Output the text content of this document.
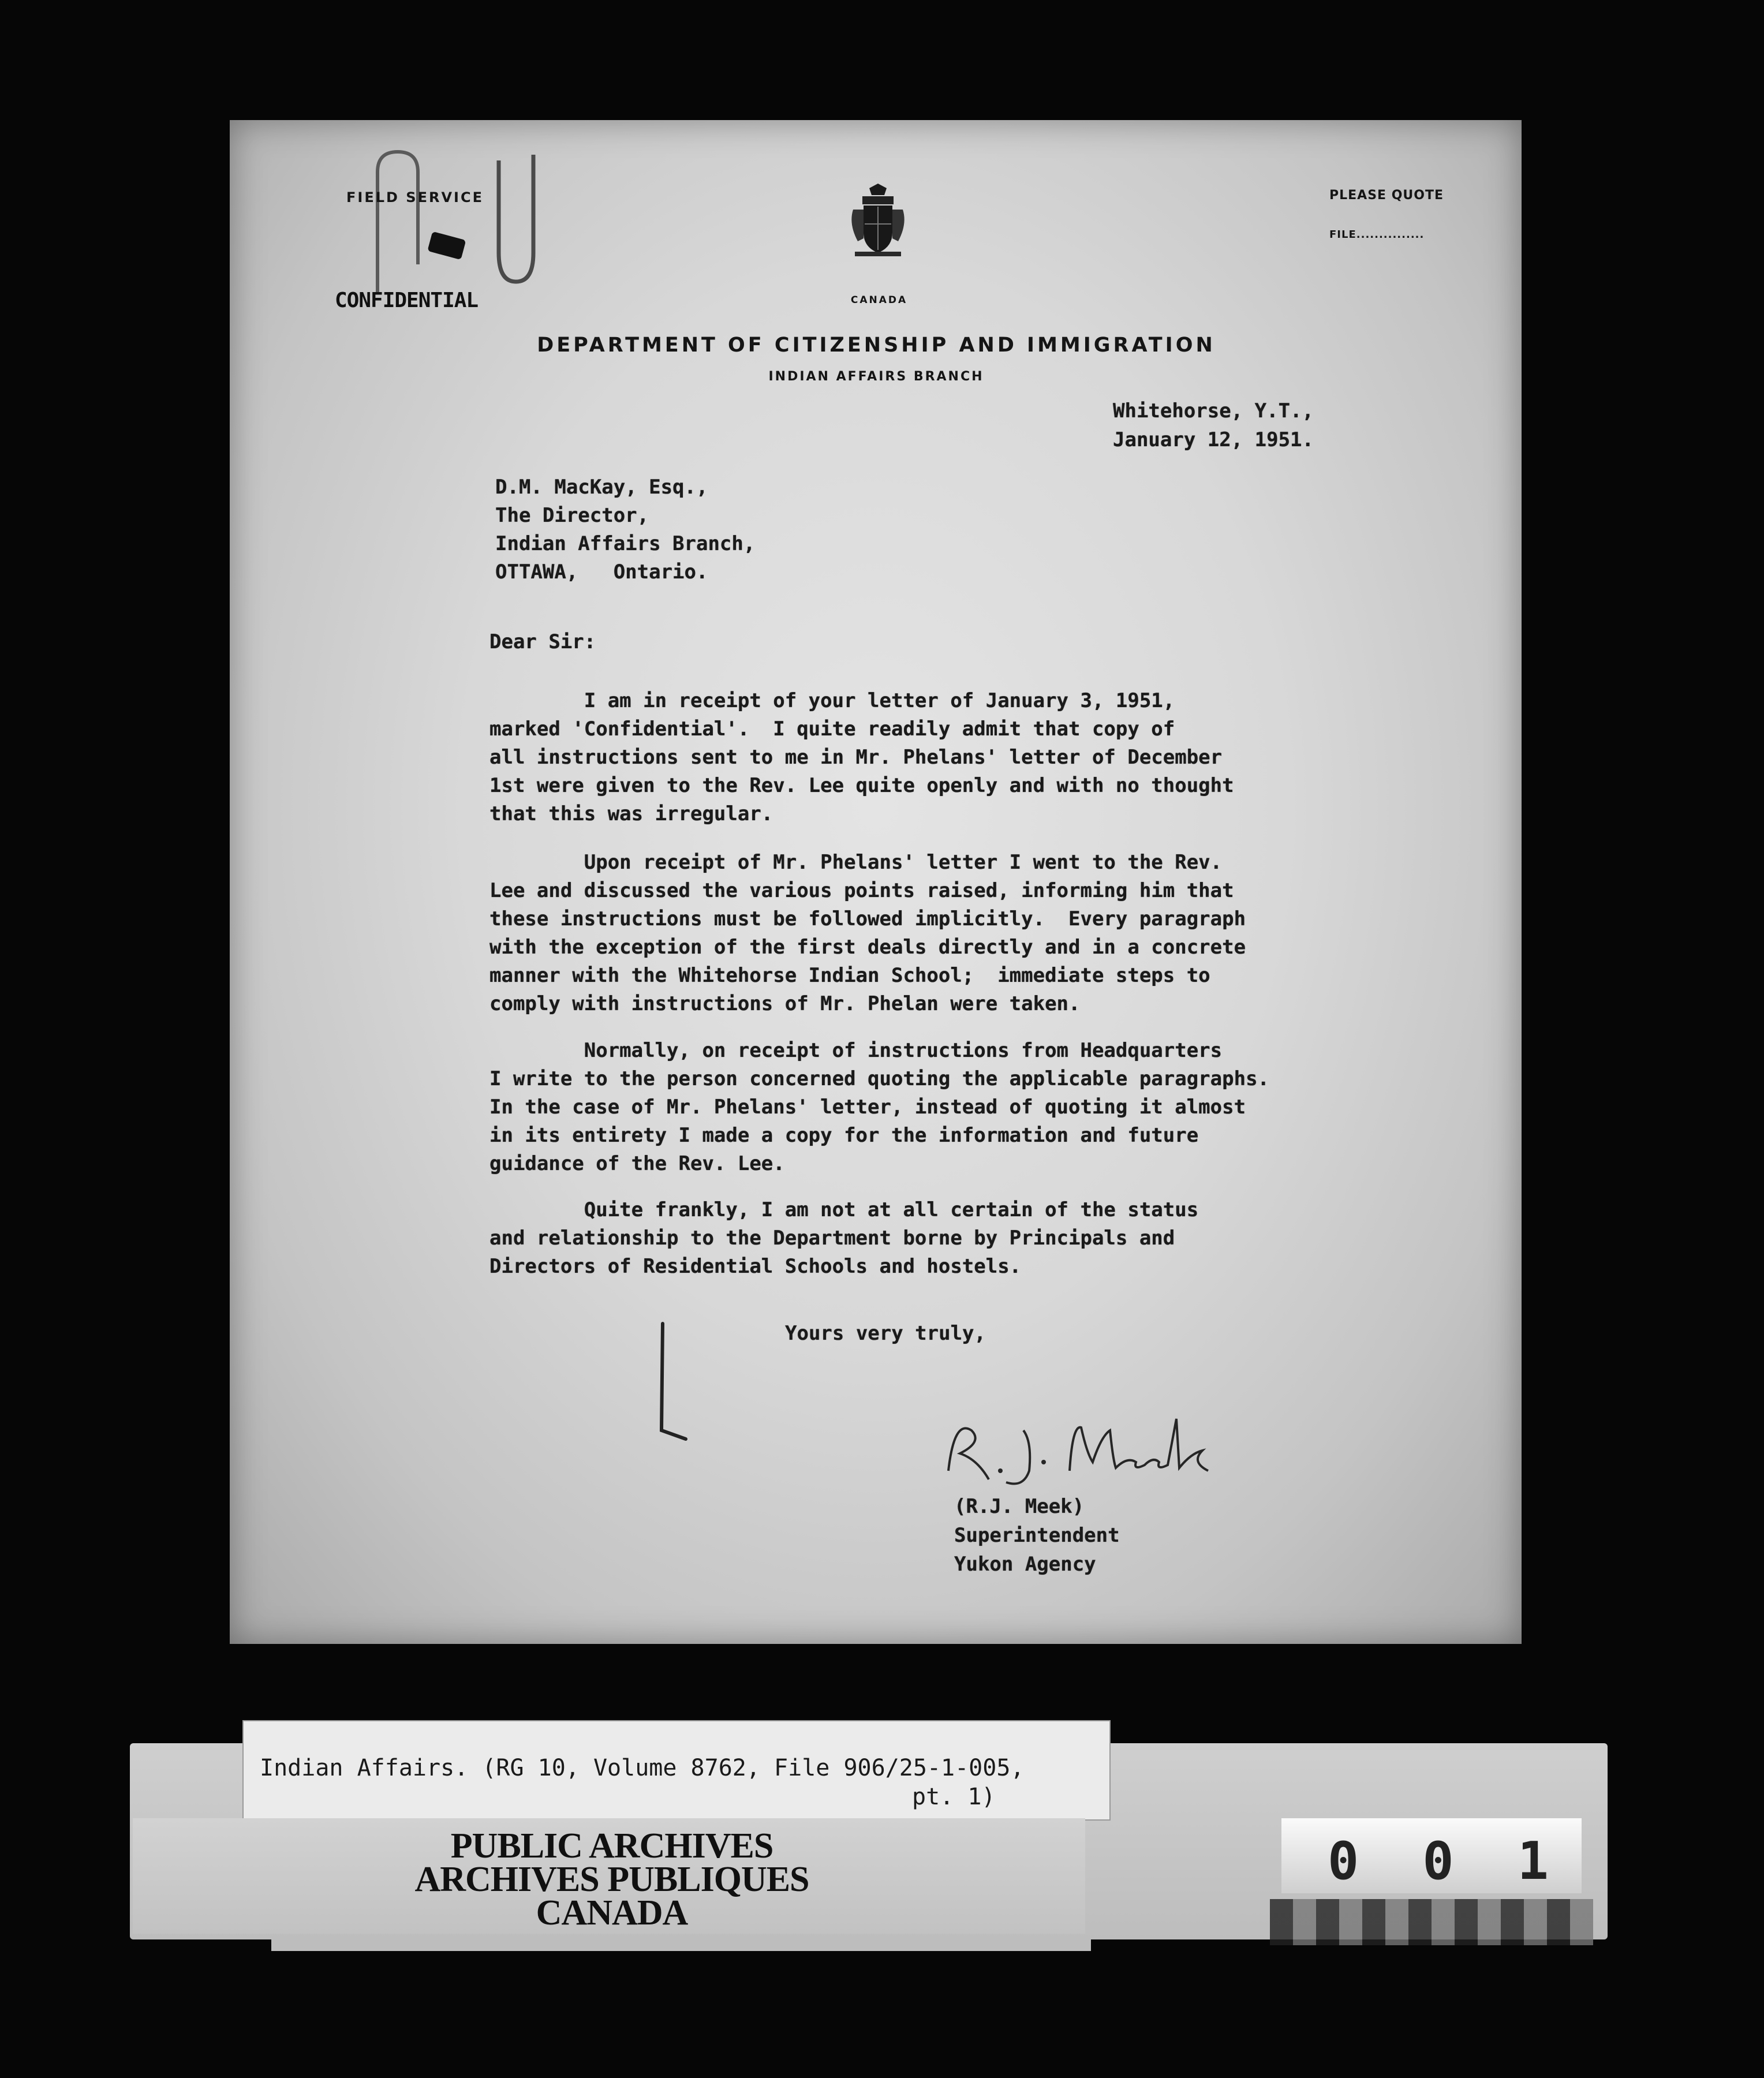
FIELD SERVICE
CONFIDENTIAL	CANADA
PLEASE QUOTE
FILE...............
DEPARTMENT OF CITIZENSHIP AND IMMIGRATION
INDIAN AFFAIRS BRANCH
Whitehorse, Y.T.,
January 12, 1951.
D.M. MacKay, Esq.,
The Director,
Indian Affairs Branch,
OTTAWA,   Ontario.
Dear Sir:
I am in receipt of your letter of January 3, 1951,
marked 'Confidential'.  I quite readily admit that copy of
all instructions sent to me in Mr. Phelans' letter of December
1st were given to the Rev. Lee quite openly and with no thought
that this was irregular.
Upon receipt of Mr. Phelans' letter I went to the Rev.
Lee and discussed the various points raised, informing him that
these instructions must be followed implicitly.  Every paragraph
with the exception of the first deals directly and in a concrete
manner with the Whitehorse Indian School;  immediate steps to
comply with instructions of Mr. Phelan were taken.
Normally, on receipt of instructions from Headquarters
I write to the person concerned quoting the applicable paragraphs.
In the case of Mr. Phelans' letter, instead of quoting it almost
in its entirety I made a copy for the information and future
guidance of the Rev. Lee.
Quite frankly, I am not at all certain of the status
and relationship to the Department borne by Principals and
Directors of Residential Schools and hostels.
Yours very truly,
(R.J. Meek)
Superintendent
Yukon Agency
Indian Affairs. (RG 10, Volume 8762, File 906/25-1-005,
pt. 1)
PUBLIC ARCHIVES
ARCHIVES PUBLIQUES
CANADA
0 0 1
